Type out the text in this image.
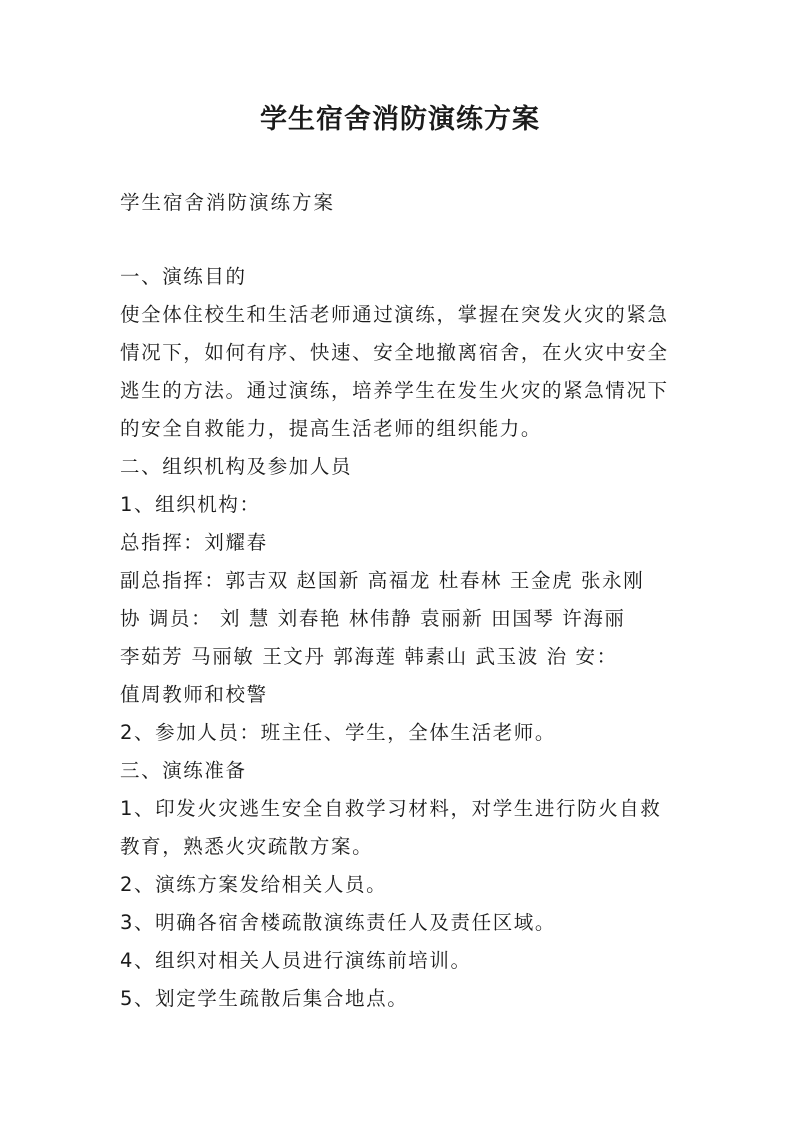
学生宿舍消防演练方案

学生宿舍消防演练方案

一、演练目的

使全体住校生和生活老师通过演练，掌握在突发火灾的紧急

情况下，如何有序、快速、安全地撤离宿舍，在火灾中安全

逃生的方法。通过演练，培养学生在发生火灾的紧急情况下

的安全自救能力，提高生活老师的组织能力。

二、组织机构及参加人员

1、组织机构：

总指挥：刘耀春

副总指挥：郭吉双 赵国新 高福龙 杜春林 王金虎 张永刚

协 调员： 刘 慧 刘春艳 林伟静 袁丽新 田国琴 许海丽

李茹芳 马丽敏 王文丹 郭海莲 韩素山 武玉波 治 安：

值周教师和校警

2、参加人员：班主任、学生，全体生活老师。

三、演练准备

1、印发火灾逃生安全自救学习材料，对学生进行防火自救

教育，熟悉火灾疏散方案。

2、演练方案发给相关人员。

3、明确各宿舍楼疏散演练责任人及责任区域。

4、组织对相关人员进行演练前培训。

5、划定学生疏散后集合地点。
